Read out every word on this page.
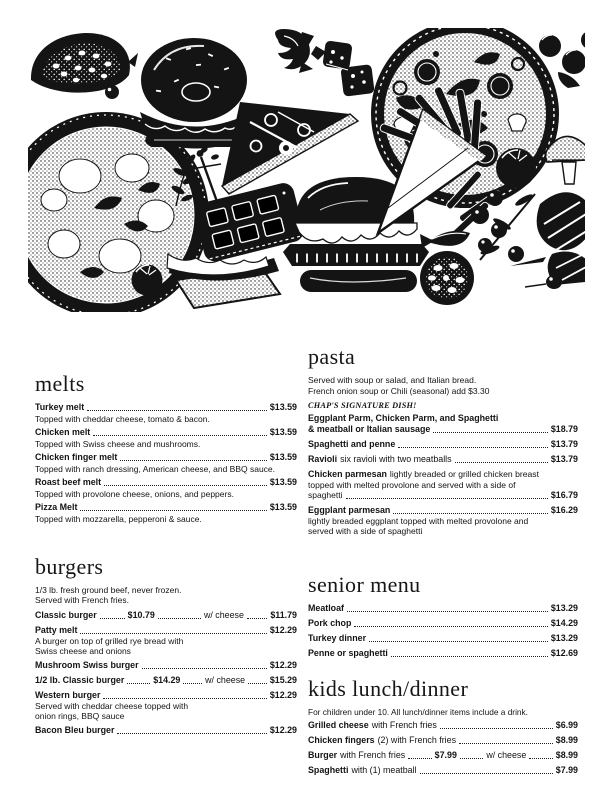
melts
Turkey melt	$13.59
Topped with cheddar cheese, tomato & bacon.
Chicken melt	$13.59
Topped with Swiss cheese and mushrooms.
Chicken finger melt	$13.59
Topped with ranch dressing, American cheese, and BBQ sauce.
Roast beef melt	$13.59
Topped with provolone cheese, onions, and peppers.
Pizza Melt	$13.59
Topped with mozzarella, pepperoni & sauce.
burgers
1/3 lb. fresh ground beef, never frozen.
Served with French fries.
Classic burger	$10.79	w/ cheese	$11.79
Patty melt	$12.29
A burger on top of grilled rye bread with
Swiss cheese and onions
Mushroom Swiss burger	$12.29
1/2 lb. Classic burger	$14.29	w/ cheese	$15.29
Western burger	$12.29
Served with cheddar cheese topped with
onion rings, BBQ sauce
Bacon Bleu burger	$12.29
pasta
Served with soup or salad, and Italian bread.
French onion soup or Chili (seasonal) add $3.30
CHAP'S SIGNATURE DISH!
Eggplant Parm, Chicken Parm, and Spaghetti
& meatball or Italian sausage	$18.79
Spaghetti and penne	$13.79
Ravioli six ravioli with two meatballs	$13.79
Chicken parmesan lightly breaded or grilled chicken breast
topped with melted provolone and served with a side of
spaghetti	$16.79
Eggplant parmesan	$16.29
lightly breaded eggplant topped with melted provolone and
served with a side of spaghetti
senior menu
Meatloaf	$13.29
Pork chop	$14.29
Turkey dinner	$13.29
Penne or spaghetti	$12.69
kids lunch/dinner
For children under 10. All lunch/dinner items include a drink.
Grilled cheese with French fries	$6.99
Chicken fingers (2) with French fries	$8.99
Burger with French fries	$7.99	w/ cheese	$8.99
Spaghetti with (1) meatball	$7.99
